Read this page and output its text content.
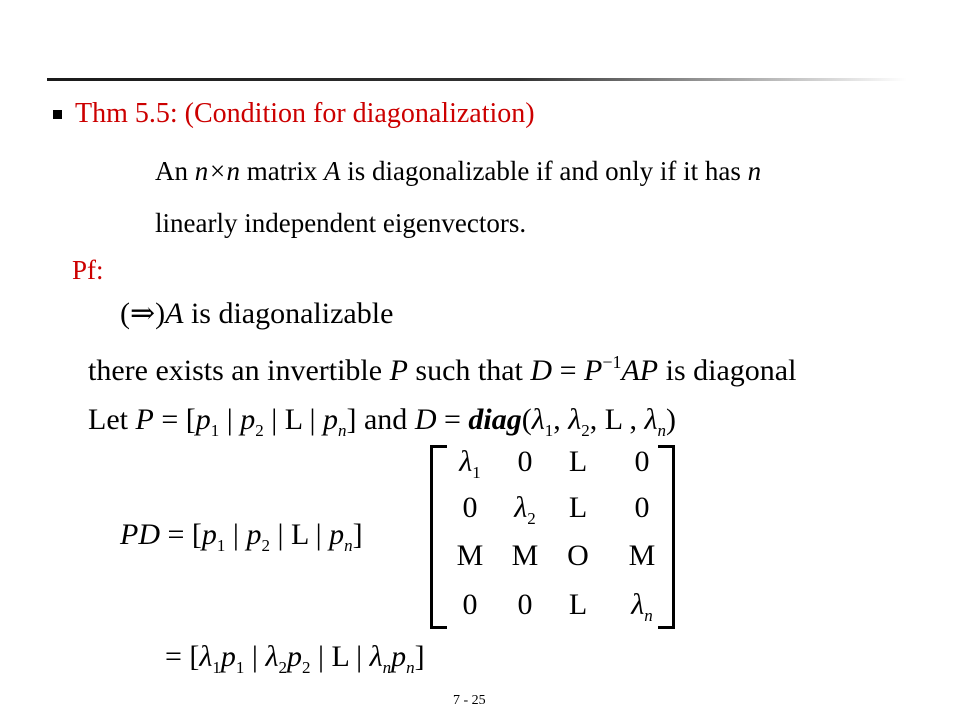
Thm 5.5: (Condition for diagonalization)
An n×n matrix A is diagonalizable if and only if it has n
linearly independent eigenvectors.
Pf:
(⇒)A is diagonalizable
there exists an invertible P such that $D = P^{-1}AP$ is diagonal
Let $P = [p_1$ | $p_2$ | L | $p_n$] and $D = diag(\lambda_1$, $\lambda_2$, L , $\lambda_n$)
PD = [$p_1$ | $p_2$ | L | $p_n$]
$\lambda_1$	0	L	0
0	$\lambda_2$	L	0
M M O	M
0	0	L	$\lambda_n$
= [$\lambda_1p_1$ | $\lambda_2p_2$ | L | $\lambda_np_n$]
7 - 25
